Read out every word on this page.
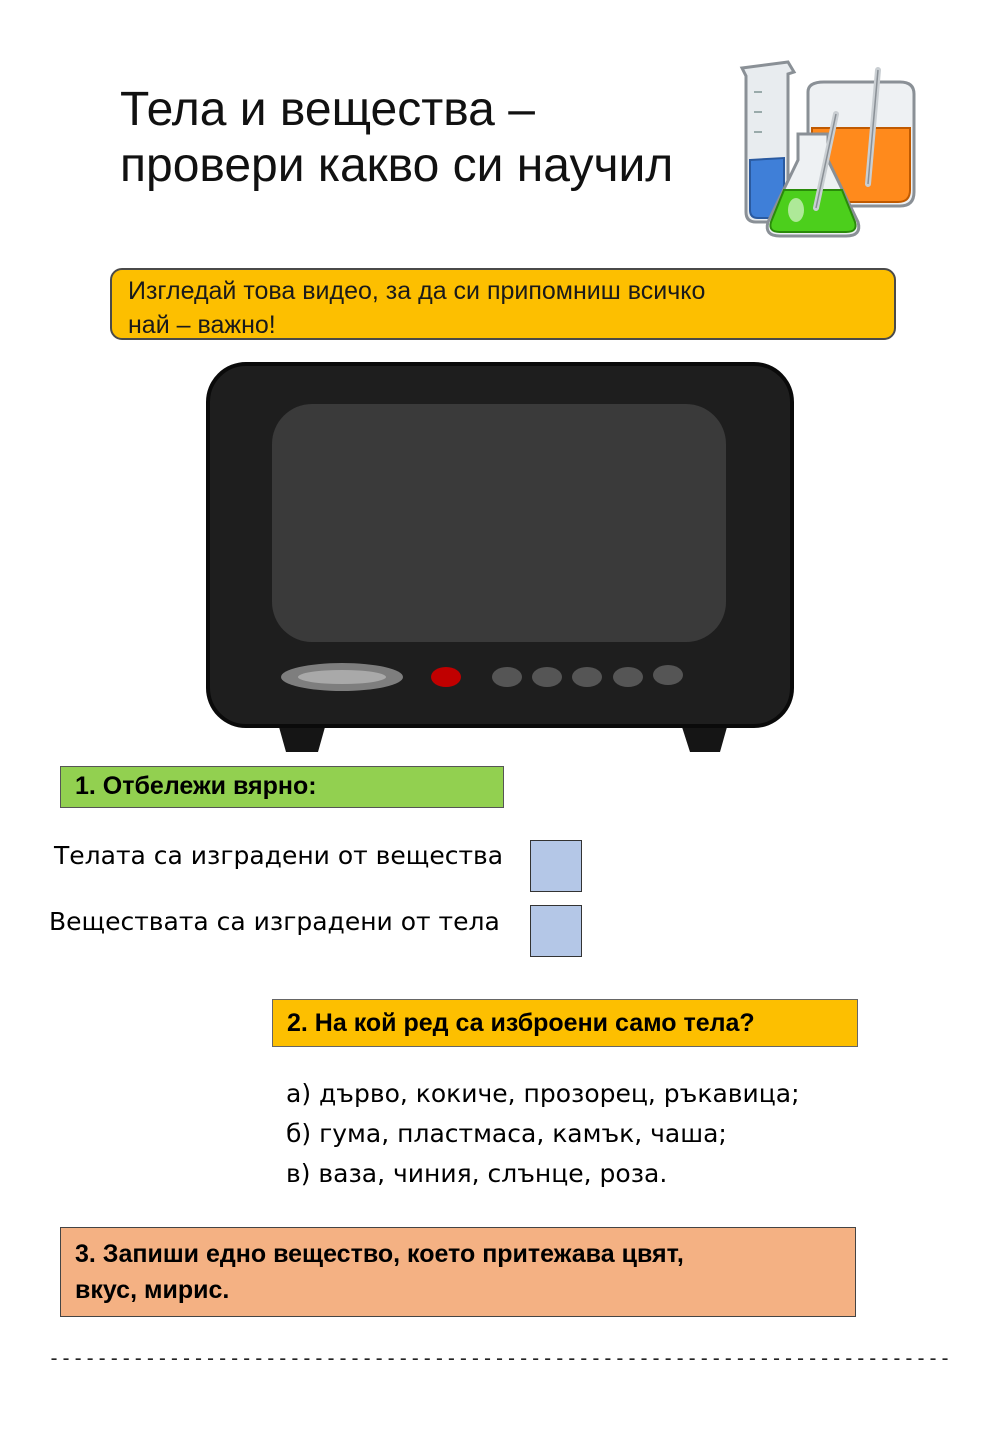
Тела и вещества –
провери какво си научил
Изгледай това видео, за да си припомниш всичко
най – важно!
1. Отбележи вярно:
Телата са изградени от вещества
Веществата са изградени от тела
2. На кой ред са изброени само тела?
а) дърво, кокиче, прозорец, ръкавица;
б) гума, пластмаса, камък, чаша;
в) ваза, чиния, слънце, роза.
3. Запиши едно вещество, което притежава цвят,
вкус, мирис.
---------------------------------------------------------------------------
